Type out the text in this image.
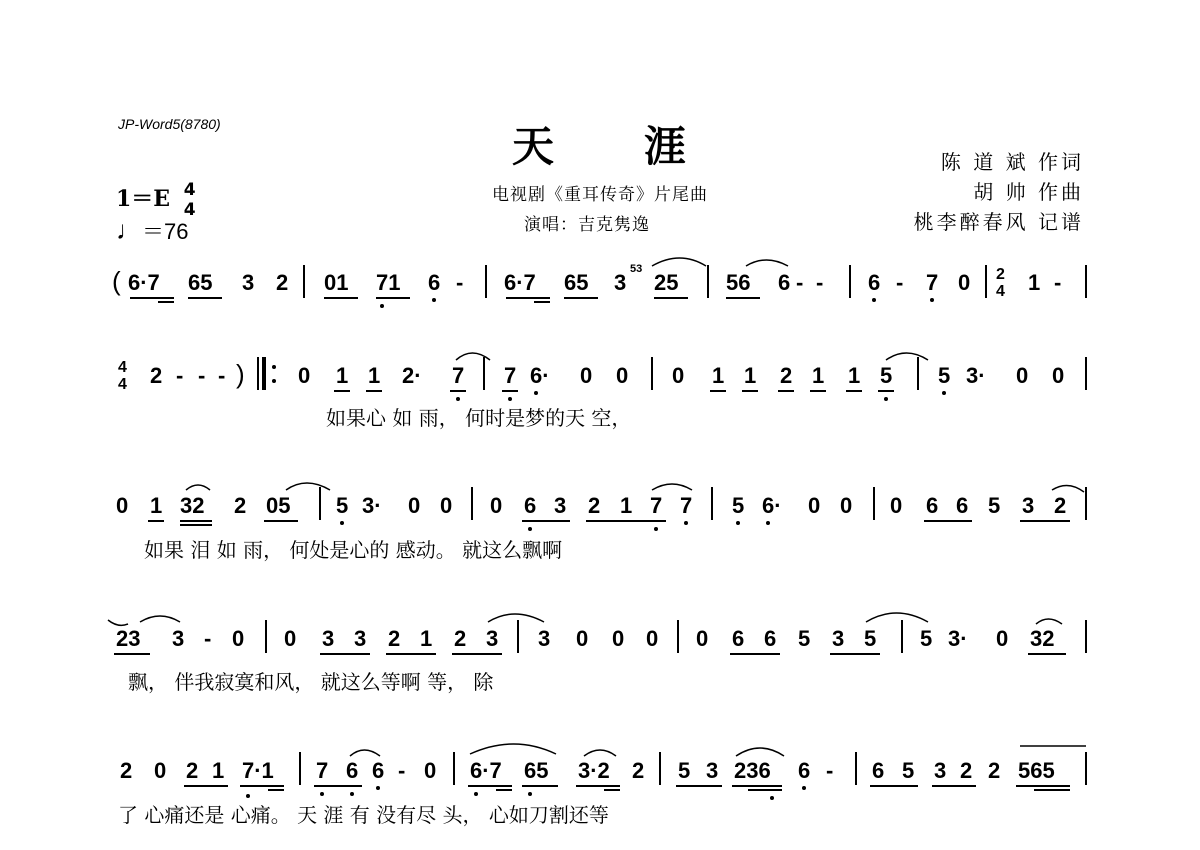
JP-Word5(8780)	天 涯
电视剧《重耳传奇》片尾曲
演唱：吉克隽逸
陈 道 斌 作词
胡 帅 作曲
桃李醉春风 记谱
1＝E 4
4
♩＝76
( 6·7 65 3 2 01 71 6 - 6·7 65 3
53
25 56 6 - - 6 - 7 0 2
4 1 -
4
4 2 - - - ) 0 1 1 2· 7 7 6· 0 0 0 1 1 2 1 1 5 5 3· 0 0
如果心 如 雨， 何时是梦的天 空，
0 1 32 2 05 5 3· 0 0 0 6 3 2 1 7 7 5 6· 0 0 0 6 6 5 3 2
如果 泪 如 雨， 何处是心的 感动。 就这么飘啊
23 3 - 0 0 3 3 2 1 2 3 3 0 0 0 0 6 6 5 3 5 5 3· 0 32
飘， 伴我寂寞和风， 就这么等啊 等， 除
2 0 2 1 7·1 7 6 6 - 0 6·7 65 3·2 2 5 3 236 6 - 6 5 3 2 2 565
了 心痛还是 心痛。 天 涯 有 没有尽 头， 心如刀割还等
